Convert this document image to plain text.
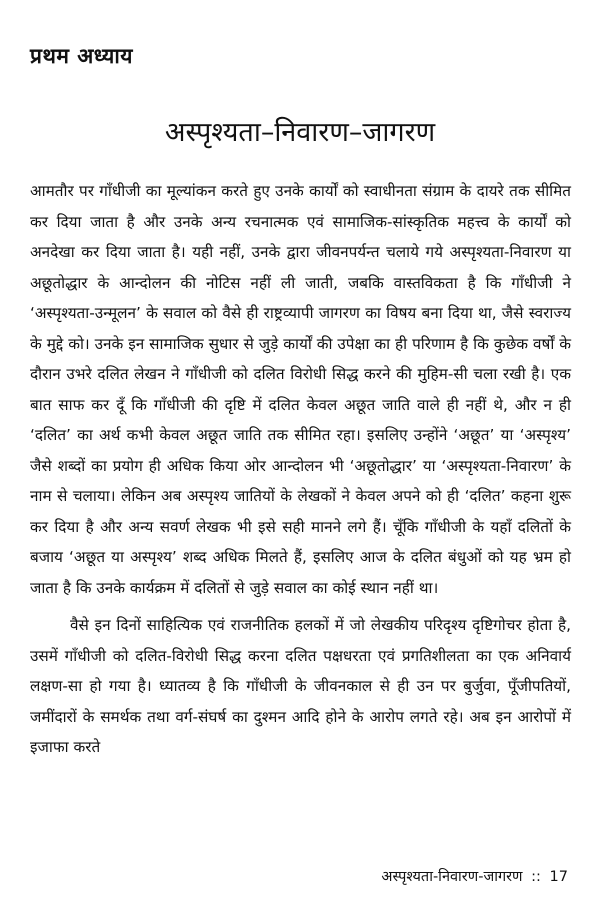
प्रथम अध्याय
अस्पृश्यता–निवारण–जागरण

आमतौर पर गाँधीजी का मूल्यांकन करते हुए उनके कार्यों को स्वाधीनता संग्राम के दायरे तक सीमित कर दिया जाता है और उनके अन्य रचनात्मक एवं सामाजिक-सांस्कृतिक महत्त्व के कार्यों को अनदेखा कर दिया जाता है। यही नहीं, उनके द्वारा जीवनपर्यन्त चलाये गये अस्पृश्यता-निवारण या अछूतोद्धार के आन्दोलन की नोटिस नहीं ली जाती, जबकि वास्तविकता है कि गाँधीजी ने ‘अस्पृश्यता-उन्मूलन’ के सवाल को वैसे ही राष्ट्रव्यापी जागरण का विषय बना दिया था, जैसे स्वराज्य के मुद्दे को। उनके इन सामाजिक सुधार से जुड़े कार्यों की उपेक्षा का ही परिणाम है कि कुछेक वर्षों के दौरान उभरे दलित लेखन ने गाँधीजी को दलित विरोधी सिद्ध करने की मुहिम-सी चला रखी है। एक बात साफ कर दूँ कि गाँधीजी की दृष्टि में दलित केवल अछूत जाति वाले ही नहीं थे, और न ही ‘दलित’ का अर्थ कभी केवल अछूत जाति तक सीमित रहा। इसलिए उन्होंने ‘अछूत’ या ‘अस्पृश्य’ जैसे शब्दों का प्रयोग ही अधिक किया ओर आन्दोलन भी ‘अछूतोद्धार’ या ‘अस्पृश्यता-निवारण’ के नाम से चलाया। लेकिन अब अस्पृश्य जातियों के लेखकों ने केवल अपने को ही ‘दलित’ कहना शुरू कर दिया है और अन्य सवर्ण लेखक भी इसे सही मानने लगे हैं। चूँकि गाँधीजी के यहाँ दलितों के बजाय ‘अछूत या अस्पृश्य’ शब्द अधिक मिलते हैं, इसलिए आज के दलित बंधुओं को यह भ्रम हो जाता है कि उनके कार्यक्रम में दलितों से जुड़े सवाल का कोई स्थान नहीं था।

वैसे इन दिनों साहित्यिक एवं राजनीतिक हलकों में जो लेखकीय परिदृश्य दृष्टिगोचर होता है, उसमें गाँधीजी को दलित-विरोधी सिद्ध करना दलित पक्षधरता एवं प्रगतिशीलता का एक अनिवार्य लक्षण-सा हो गया है। ध्यातव्य है कि गाँधीजी के जीवनकाल से ही उन पर बुर्जुवा, पूँजीपतियों, जमींदारों के समर्थक तथा वर्ग-संघर्ष का दुश्मन आदि होने के आरोप लगते रहे। अब इन आरोपों में इजाफा करते

अस्पृश्यता-निवारण-जागरण :: 17
